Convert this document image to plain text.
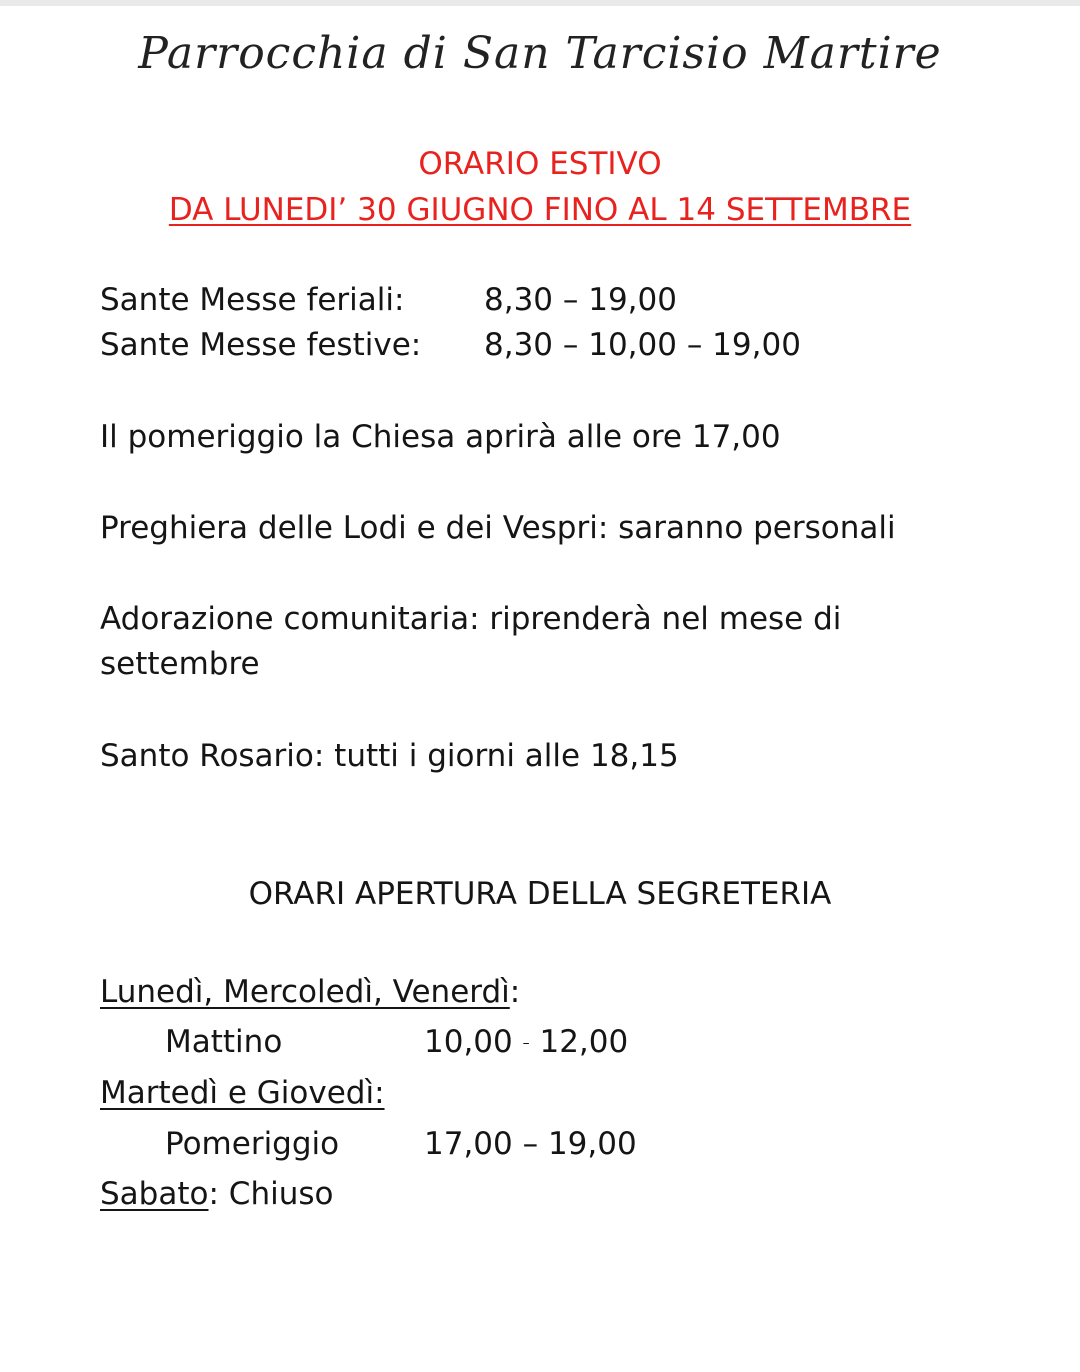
Parrocchia di San Tarcisio Martire
ORARIO ESTIVO
DA LUNEDI’ 30 GIUGNO FINO AL 14 SETTEMBRE
Sante Messe feriali:	8,30 – 19,00
Sante Messe festive: 8,30 – 10,00 – 19,00
Il pomeriggio la Chiesa aprirà alle ore 17,00
Preghiera delle Lodi e dei Vespri: saranno personali
Adorazione comunitaria: riprenderà nel mese di
settembre
Santo Rosario: tutti i giorni alle 18,15
ORARI APERTURA DELLA SEGRETERIA
Lunedì, Mercoledì, Venerdì:
Mattino	10,00 – 12,00
Martedì e Giovedì:
Pomeriggio	17,00 – 19,00
Sabato: Chiuso
